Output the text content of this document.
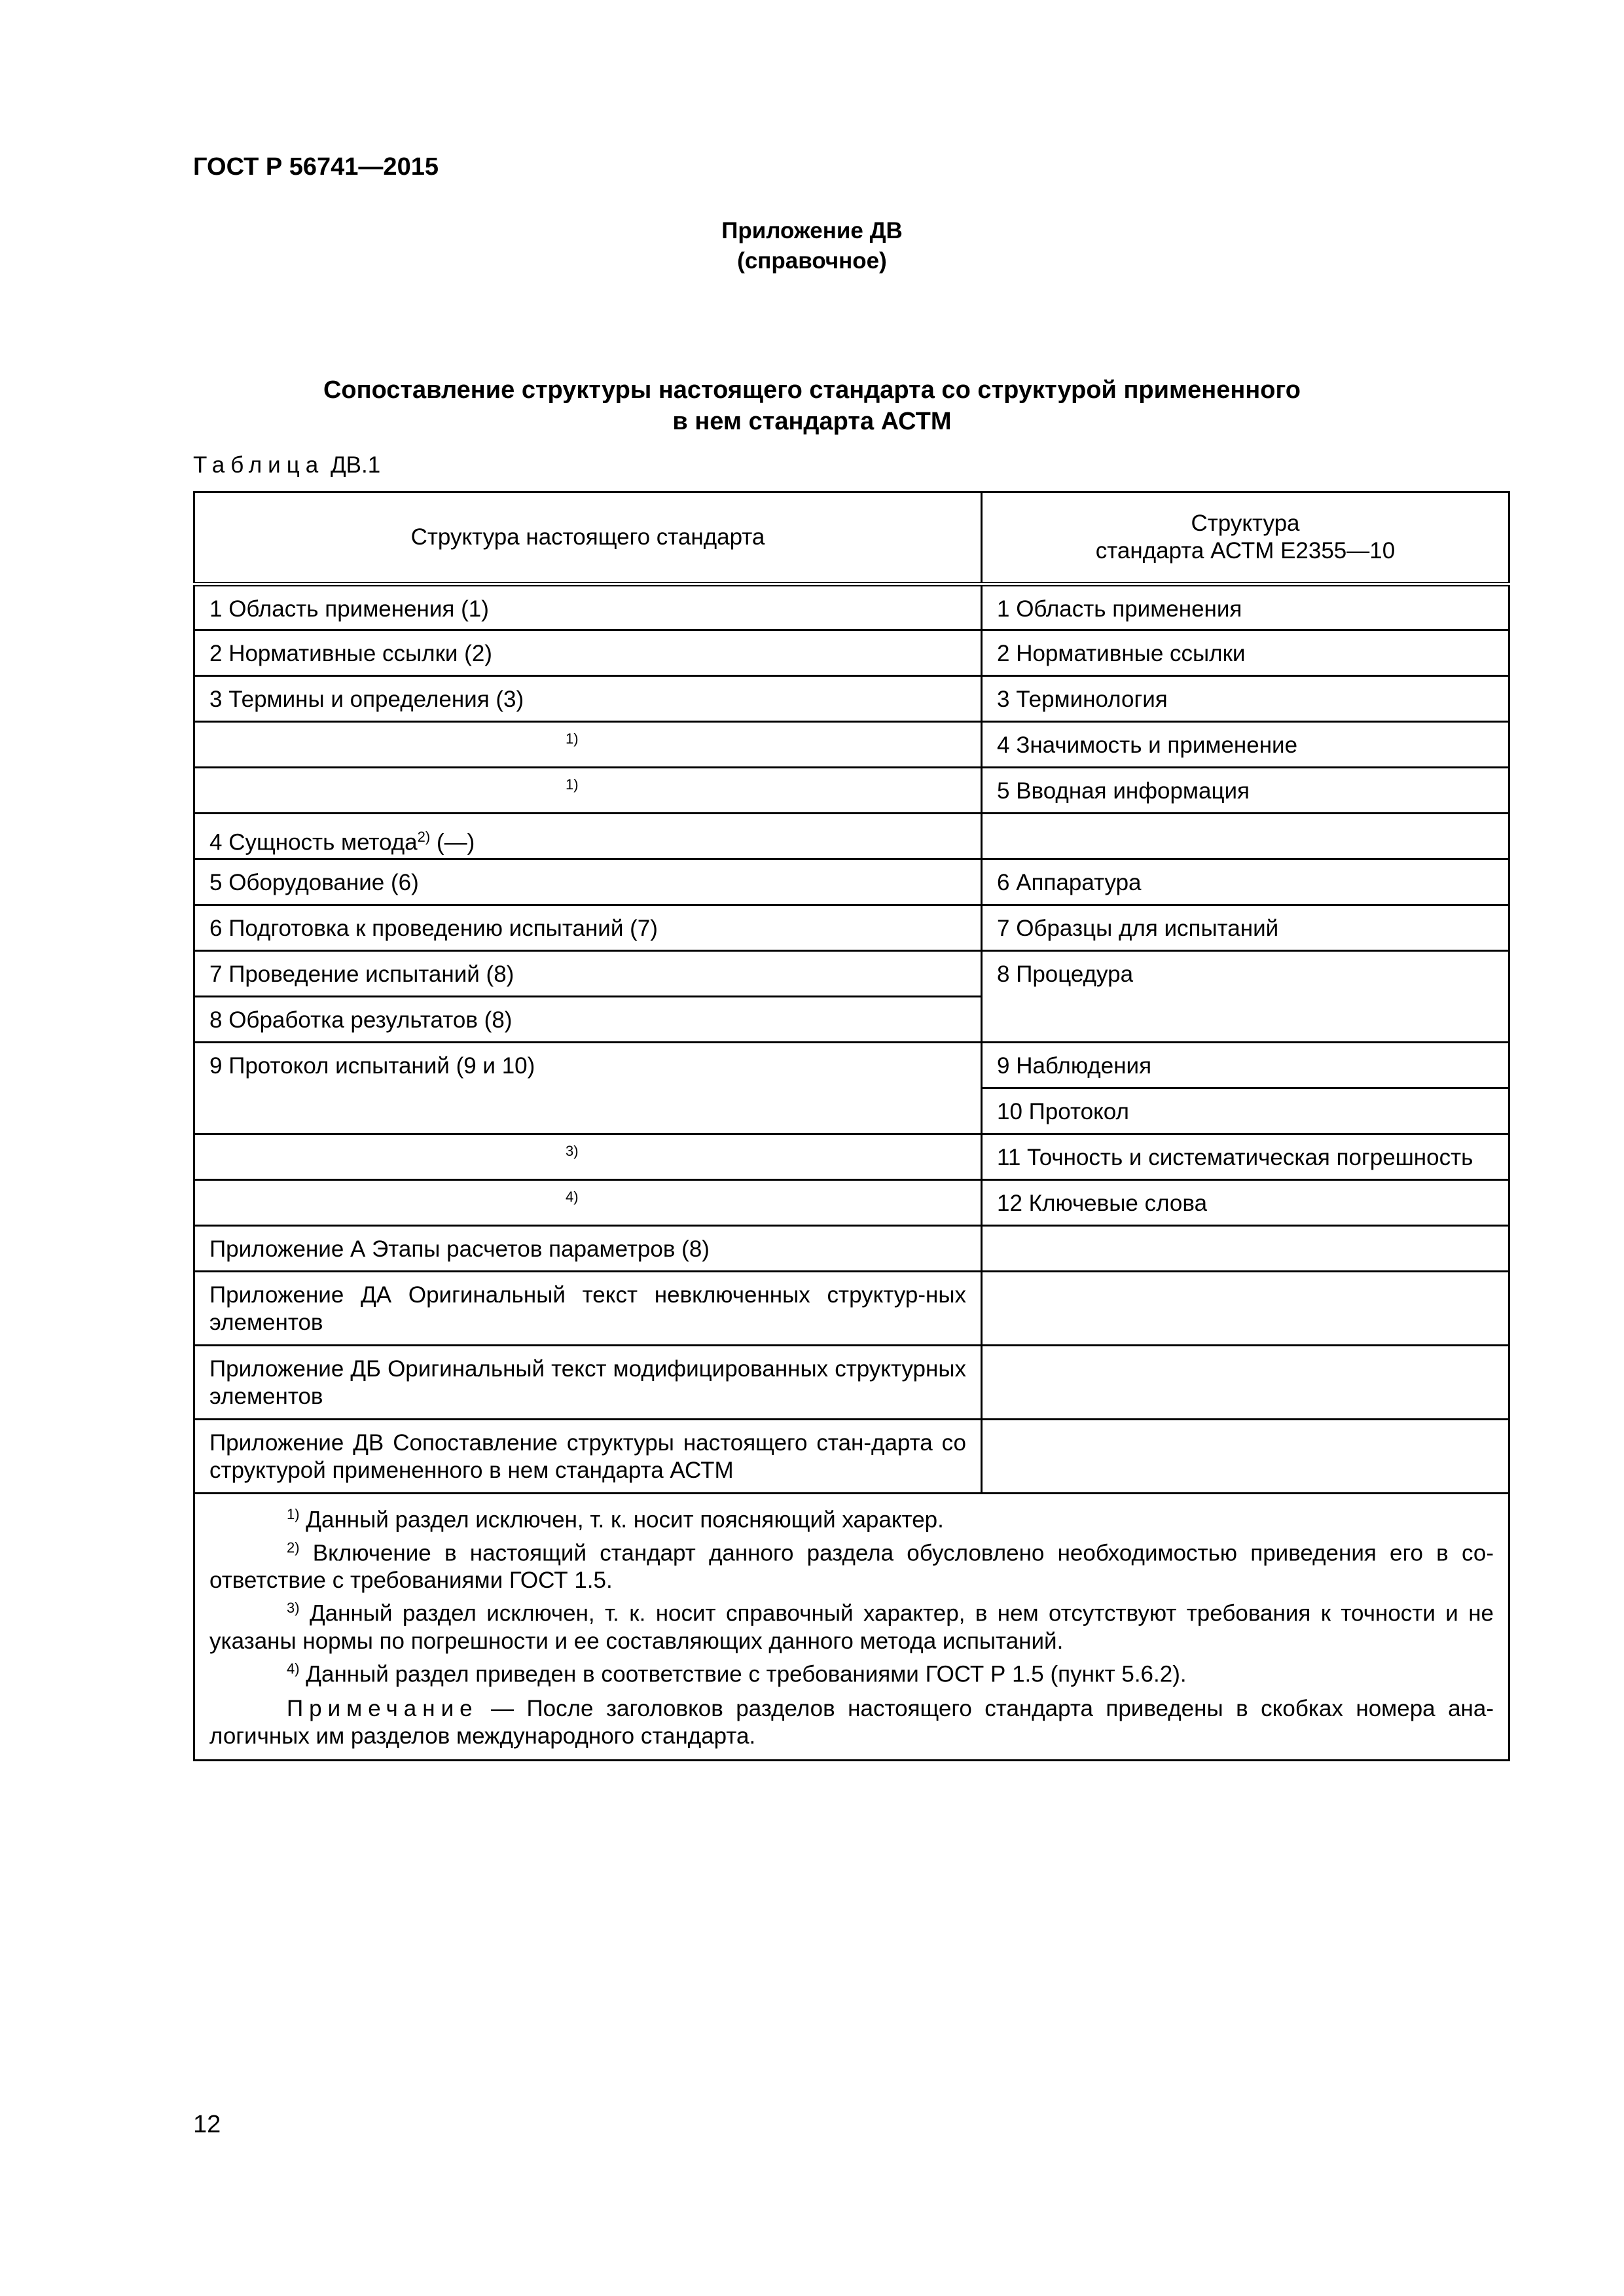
ГОСТ Р 56741—2015
Приложение ДВ
(справочное)
Сопоставление структуры настоящего стандарта со структурой примененного
в нем стандарта АСТМ
Таблица ДВ.1
Структура настоящего стандарта	Структура
стандарта АСТМ Е2355—10

1 Область применения (1)	1 Область применения
2 Нормативные ссылки (2)	2 Нормативные ссылки
3 Термины и определения (3)	3 Терминология

1)	4 Значимость и применение

1)	5 Вводная информация
4 Сущность метода$^{2)}$ (—)	
5 Оборудование (6)	6 Аппаратура
6 Подготовка к проведению испытаний (7)	7 Образцы для испытаний
7 Проведение испытаний (8)	8 Процедура
8 Обработка результатов (8)	
9 Протокол испытаний (9 и 10)	9 Наблюдения
	10 Протокол

3)	11 Точность и систематическая погрешность

4)	12 Ключевые слова
Приложение А Этапы расчетов параметров (8)	
Приложение ДА Оригинальный текст невключенных структур-ных элементов	
Приложение ДБ Оригинальный текст модифицированных структурных элементов	
Приложение ДВ Сопоставление структуры настоящего стан-дарта со структурой примененного в нем стандарта АСТМ	

$^{1)}$ Данный раздел исключен, т. к. носит поясняющий характер.
$^{2)}$ Включение в настоящий стандарт данного раздела обусловлено необходимостью приведения его в со-ответствие с требованиями ГОСТ 1.5.
$^{3)}$ Данный раздел исключен, т. к. носит справочный характер, в нем отсутствуют требования к точности и не указаны нормы по погрешности и ее составляющих данного метода испытаний.
$^{4)}$ Данный раздел приведен в соответствие с требованиями ГОСТ Р 1.5 (пункт 5.6.2).
Примечание — После заголовков разделов настоящего стандарта приведены в скобках номера ана-логичных им разделов международного стандарта.	
12
